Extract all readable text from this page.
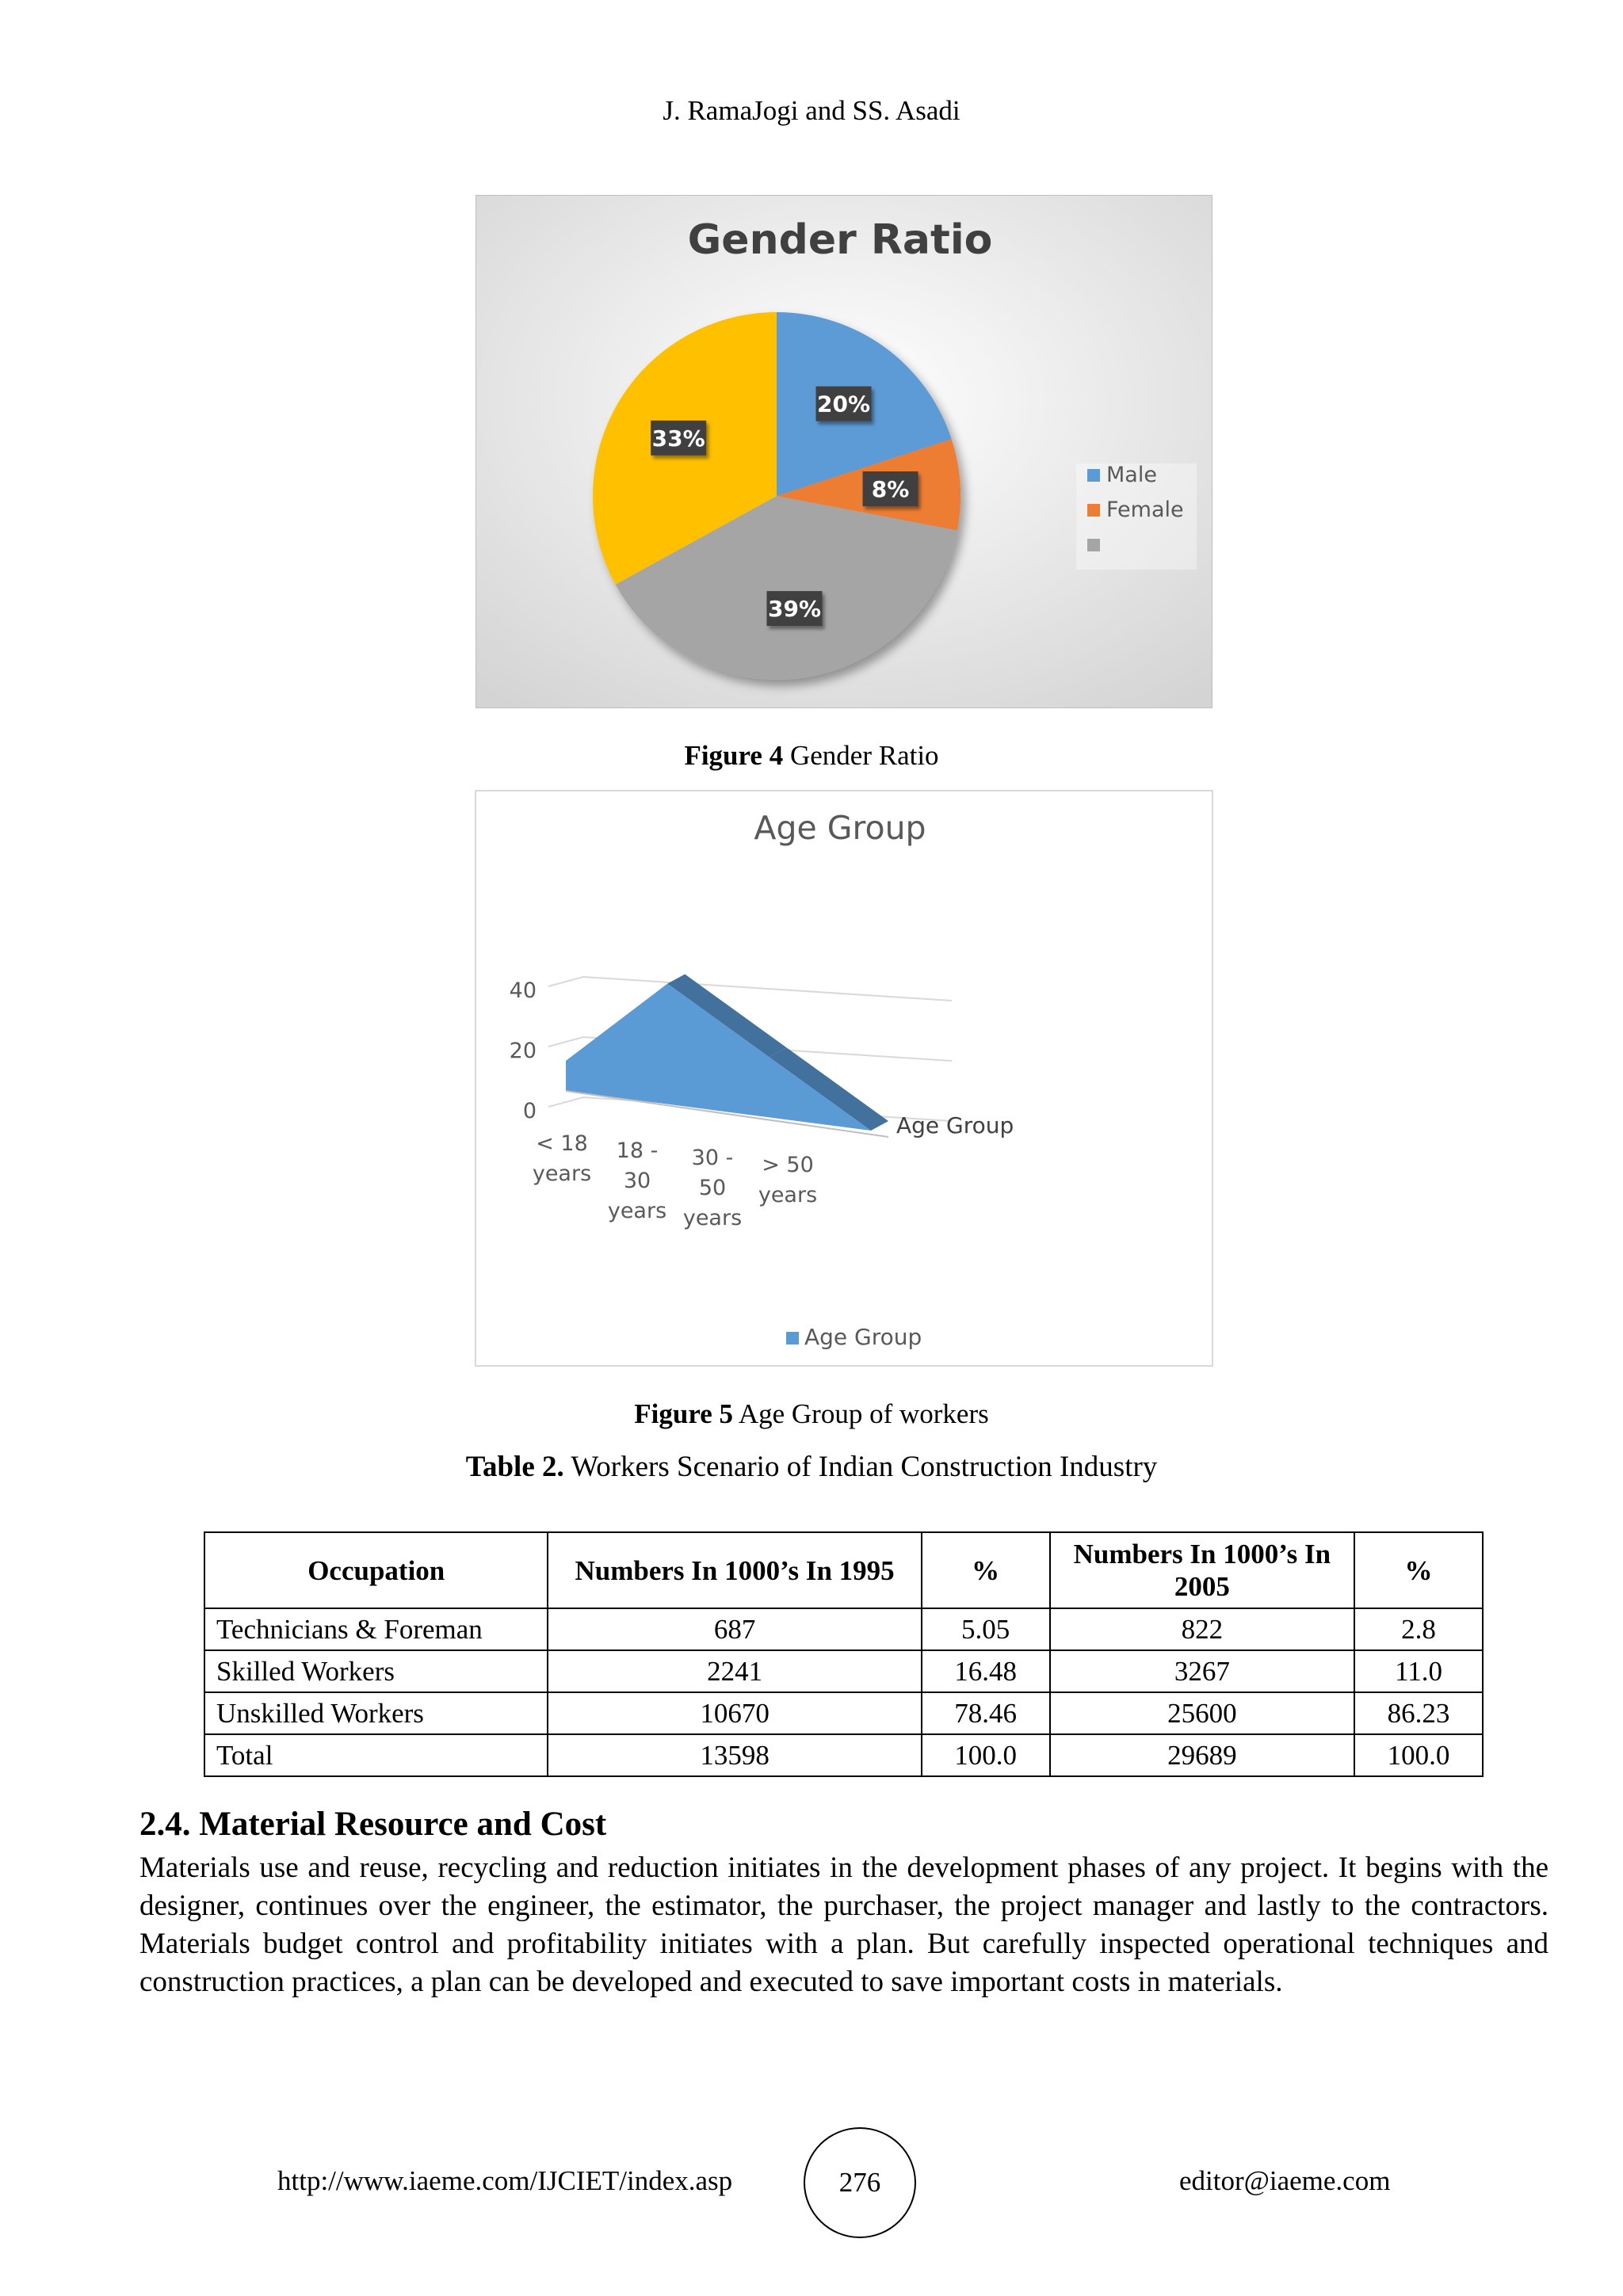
J. RamaJogi and SS. Asadi
Gender Ratio
20%
8%
39%
33%
Male
Female
Figure 4 Gender Ratio
Age Group
0
20
40
< 18
years
18 -
30
years
30 -
50
years
> 50
years
Age Group
Age Group
Figure 5 Age Group of workers
Table 2. Workers Scenario of Indian Construction Industry
Occupation	Numbers In 1000’s In 1995	%	Numbers In 1000’s In 2005	%
Technicians & Foreman	687	5.05	822	2.8
Skilled Workers	2241	16.48	3267	11.0
Unskilled Workers	10670	78.46	25600	86.23
Total	13598	100.0	29689	100.0
2.4. Material Resource and Cost
Materials use and reuse, recycling and reduction initiates in the development phases of any project. It begins with the designer, continues over the engineer, the estimator, the purchaser, the project manager and lastly to the contractors. Materials budget control and profitability initiates with a plan. But carefully inspected operational techniques and construction practices, a plan can be developed and executed to save important costs in materials.
http://www.iaeme.com/IJCIET/index.asp	276	editor@iaeme.com
